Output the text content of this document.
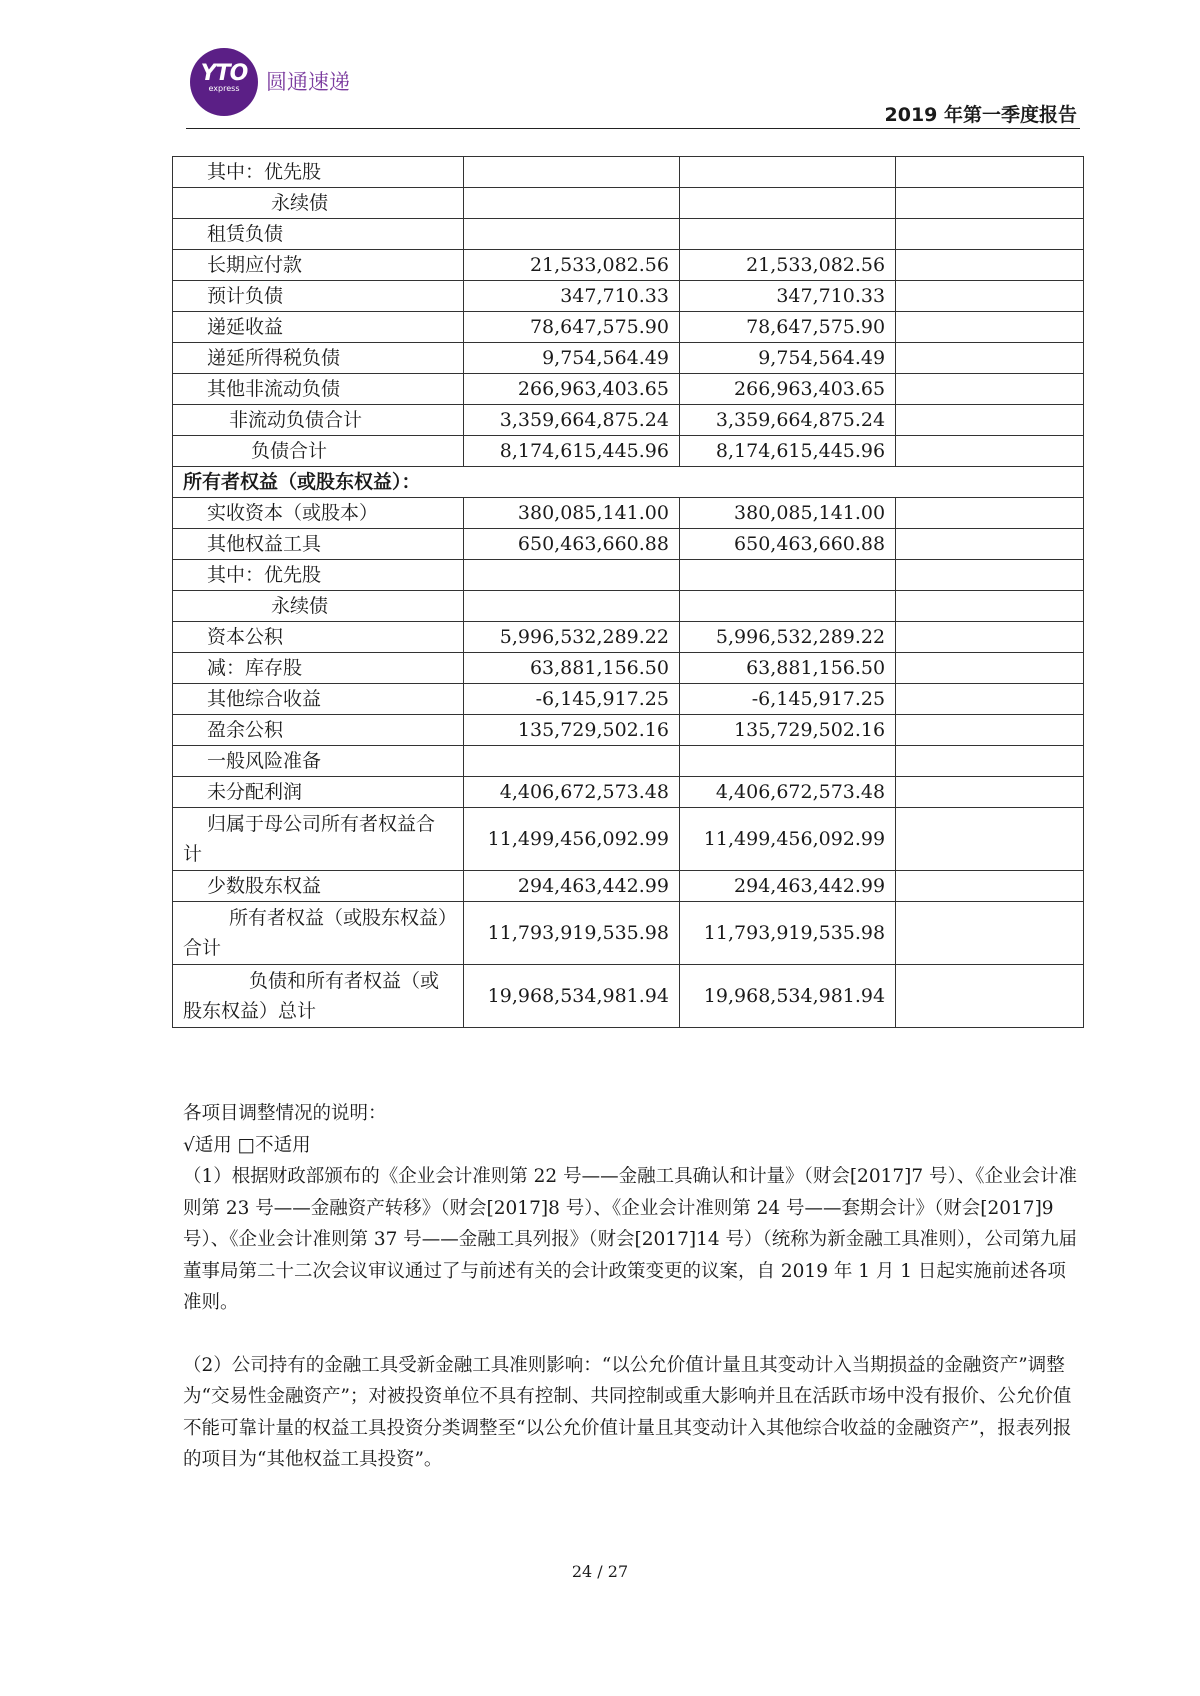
YTO
express	圆通速递
2019 年第一季度报告
其中：优先股			
永续债			
租赁负债			
长期应付款	21,533,082.56	21,533,082.56	
预计负债	347,710.33	347,710.33	
递延收益	78,647,575.90	78,647,575.90	
递延所得税负债	9,754,564.49	9,754,564.49	
其他非流动负债	266,963,403.65	266,963,403.65	
非流动负债合计	3,359,664,875.24	3,359,664,875.24	
负债合计	8,174,615,445.96	8,174,615,445.96	
所有者权益（或股东权益）：			
实收资本（或股本）	380,085,141.00	380,085,141.00	
其他权益工具	650,463,660.88	650,463,660.88	
其中：优先股			
永续债			
资本公积	5,996,532,289.22	5,996,532,289.22	
减：库存股	63,881,156.50	63,881,156.50	
其他综合收益	-6,145,917.25	-6,145,917.25	
盈余公积	135,729,502.16	135,729,502.16	
一般风险准备			
未分配利润	4,406,672,573.48	4,406,672,573.48	
归属于母公司所有者权益合计	11,499,456,092.99	11,499,456,092.99	
少数股东权益	294,463,442.99	294,463,442.99	
所有者权益（或股东权益）合计	11,793,919,535.98	11,793,919,535.98	
负债和所有者权益（或股东权益）总计	19,968,534,981.94	19,968,534,981.94	

各项目调整情况的说明：

√适用 □不适用

（1）根据财政部颁布的《企业会计准则第 22 号——金融工具确认和计量》（财会[2017]7 号）、《企业会计准则第 23 号——金融资产转移》（财会[2017]8 号）、《企业会计准则第 24 号——套期会计》（财会[2017]9 号）、《企业会计准则第 37 号——金融工具列报》（财会[2017]14 号）（统称为新金融工具准则），公司第九届董事局第二十二次会议审议通过了与前述有关的会计政策变更的议案，自 2019 年 1 月 1 日起实施前述各项准则。

（2）公司持有的金融工具受新金融工具准则影响：“以公允价值计量且其变动计入当期损益的金融资产”调整为“交易性金融资产”；对被投资单位不具有控制、共同控制或重大影响并且在活跃市场中没有报价、公允价值不能可靠计量的权益工具投资分类调整至“以公允价值计量且其变动计入其他综合收益的金融资产”，报表列报的项目为“其他权益工具投资”。

24 / 27
